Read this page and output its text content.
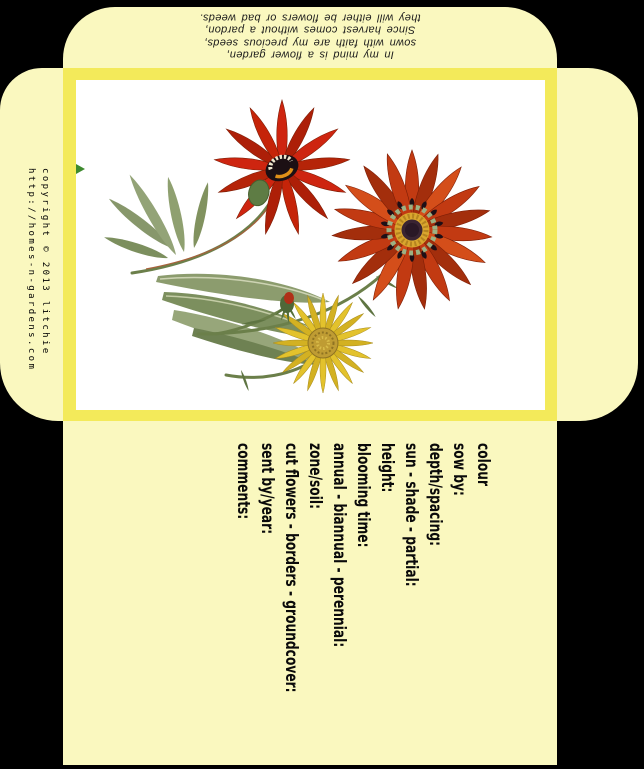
In my mind is a flower garden,
sown with faith are my precious seeds,
Since harvest comes without a pardon,
they will either be flowers or bad weeds.
copyright © 2013 litchie
http://homes-n-gardens.com
colour
sow by:
depth/spacing:
sun - shade - partial:
height:
blooming time:
annual - biannual - perennial:
zone/soil:
cut flowers - borders - groundcover:
sent by/year:
comments:
